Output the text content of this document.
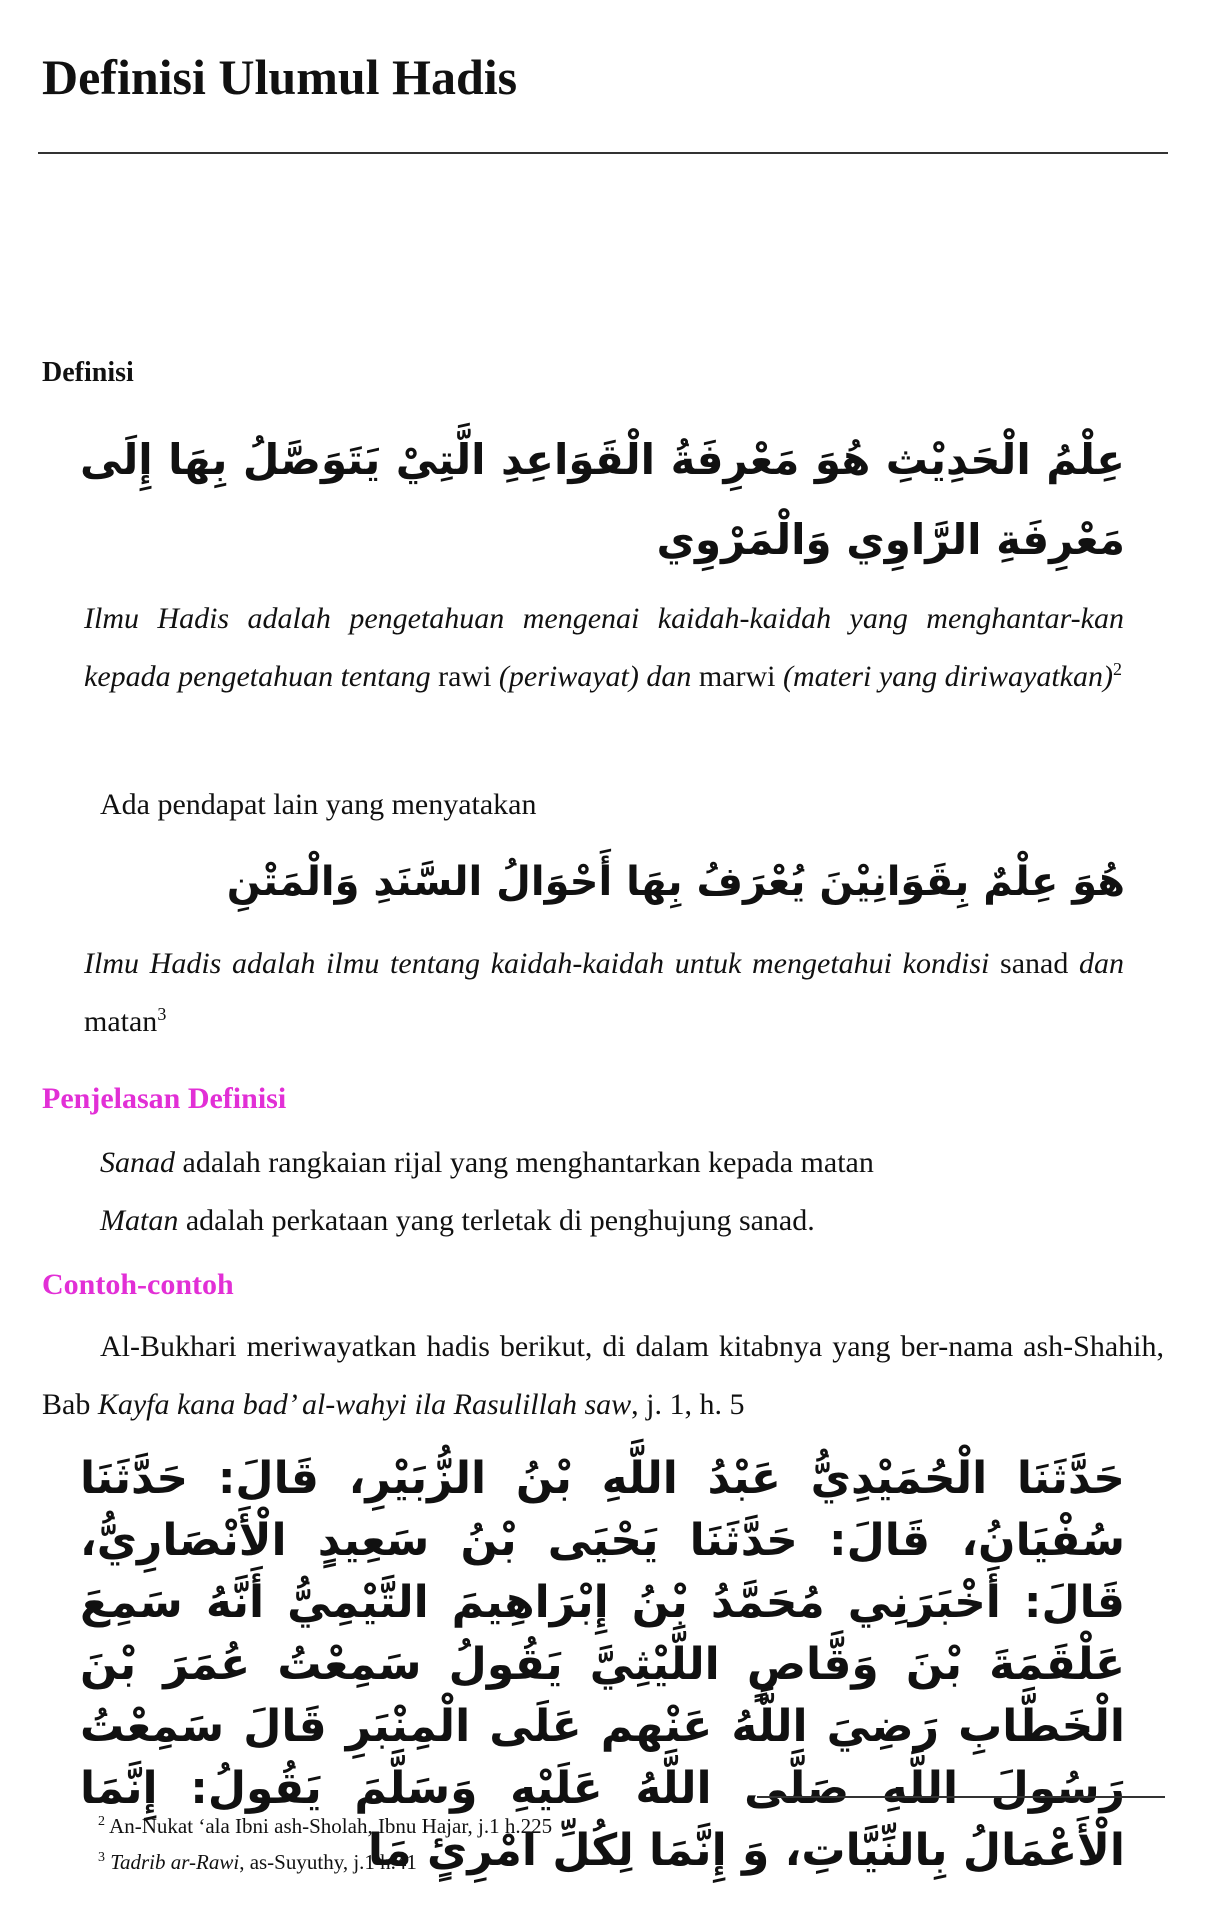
Definisi Ulumul Hadis
Definisi
عِلْمُ الْحَدِيْثِ هُوَ مَعْرِفَةُ الْقَوَاعِدِ الَّتِيْ يَتَوَصَّلُ بِهَا إِلَى مَعْرِفَةِ الرَّاوِي وَالْمَرْوِي

Ilmu Hadis adalah pengetahuan mengenai kaidah-kaidah yang menghantar-kan kepada pengetahuan tentang rawi (periwayat) dan marwi (materi yang diriwayatkan)$^2$

Ada pendapat lain yang menyatakan

هُوَ عِلْمٌ بِقَوَانِيْنَ يُعْرَفُ بِهَا أَحْوَالُ السَّنَدِ وَالْمَتْنِ

Ilmu Hadis adalah ilmu tentang kaidah-kaidah untuk mengetahui kondisi sanad dan matan$^3$

Penjelasan Definisi

Sanad adalah rangkaian rijal yang menghantarkan kepada matan

Matan adalah perkataan yang terletak di penghujung sanad.

Contoh-contoh

Al-Bukhari meriwayatkan hadis berikut, di dalam kitabnya yang ber-nama ash-Shahih, Bab Kayfa kana bad’ al-wahyi ila Rasulillah saw, j. 1, h. 5

حَدَّثَنَا الْحُمَيْدِيُّ عَبْدُ اللَّهِ بْنُ الزُّبَيْرِ، قَالَ: حَدَّثَنَا سُفْيَانُ، قَالَ: حَدَّثَنَا يَحْيَى بْنُ سَعِيدٍ الْأَنْصَارِيُّ، قَالَ: أَخْبَرَنِي مُحَمَّدُ بْنُ إِبْرَاهِيمَ التَّيْمِيُّ أَنَّهُ سَمِعَ عَلْقَمَةَ بْنَ وَقَّاصٍ اللَّيْثِيَّ يَقُولُ سَمِعْتُ عُمَرَ بْنَ الْخَطَّابِ رَضِيَ اللَّهُ عَنْهم عَلَى الْمِنْبَرِ قَالَ سَمِعْتُ رَسُولَ اللَّهِ صَلَّى اللَّهُ عَلَيْهِ وَسَلَّمَ يَقُولُ: إِنَّمَا الْأَعْمَالُ بِالنِّيَّاتِ، وَ إِنَّمَا لِكُلِّ امْرِئٍ مَا

$^2$ An-Nukat ‘ala Ibni ash-Sholah, Ibnu Hajar, j.1 h.225

$^3$ Tadrib ar-Rawi, as-Suyuthy, j.1 h.41
